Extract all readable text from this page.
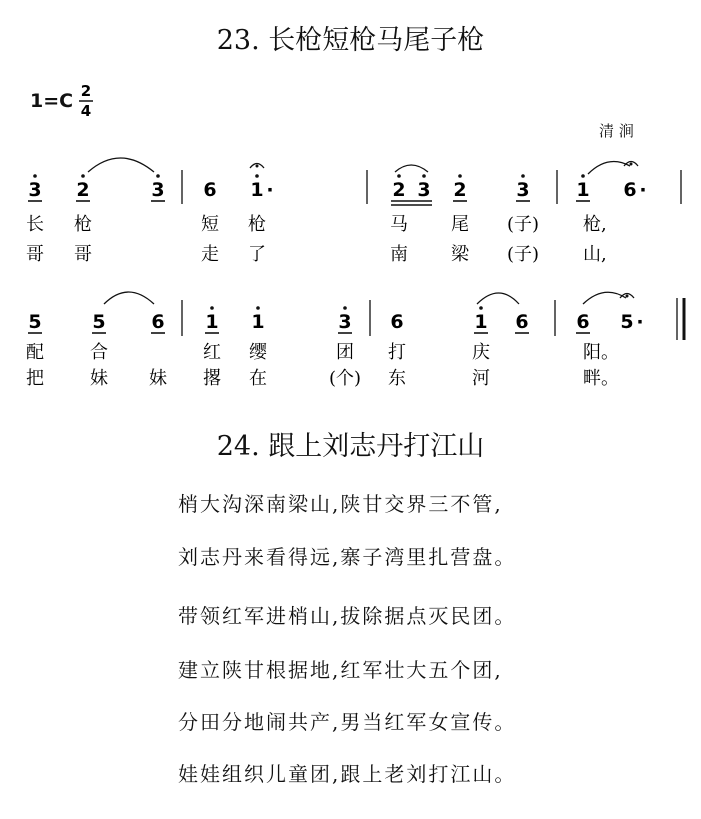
23. 长枪短枪马尾子枪
1=C 2
4
3 2	3 6 1 ·	2 3 2	3 1 6 ·
长 枪	短 枪	马 尾 (子) 枪,
哥 哥	走 了	南 梁 (子) 山,
5	5 6 1 1	3 6	1 6	6 5 ·
配	合	红 缨	团 打	庆	阳。
把	妹 妹 撂 在	(个) 东	河	畔。
清 涧
24. 跟上刘志丹打江山
梢大沟深南梁山,陕甘交界三不管,
刘志丹来看得远,寨子湾里扎营盘。
带领红军进梢山,拔除据点灭民团。
建立陕甘根据地,红军壮大五个团,
分田分地闹共产,男当红军女宣传。
娃娃组织儿童团,跟上老刘打江山。
